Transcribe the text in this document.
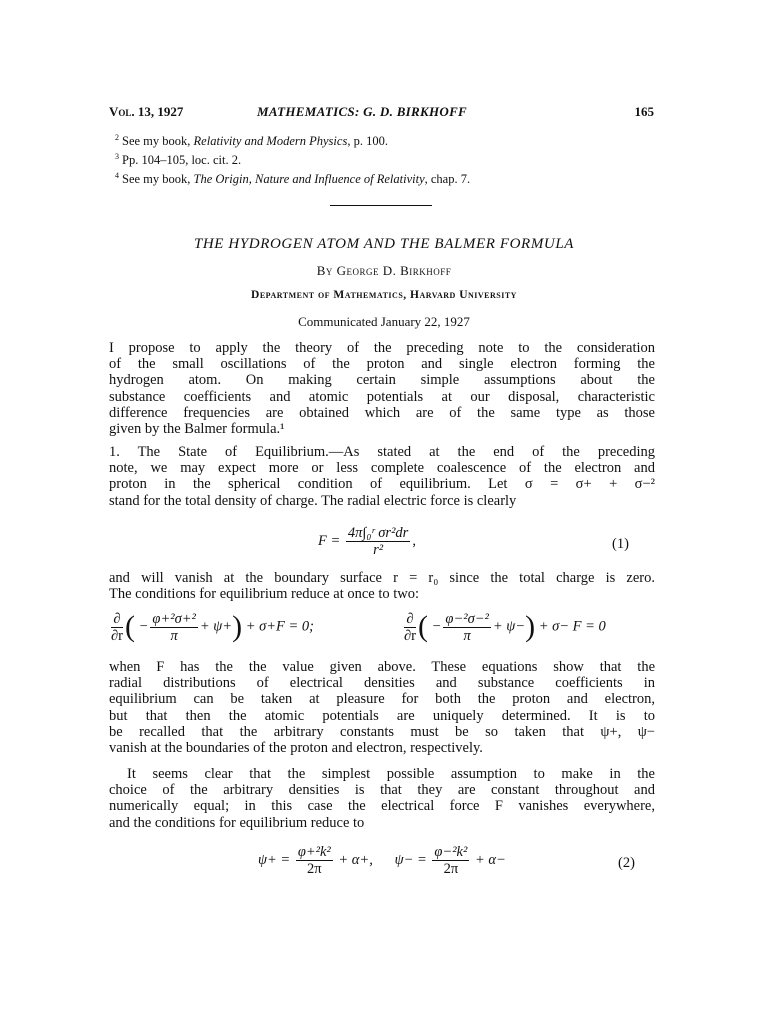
Vol. 13, 1927	MATHEMATICS: G. D. BIRKHOFF	165
$^2$ See my book, Relativity and Modern Physics, p. 100.
$^3$ Pp. 104–105, loc. cit. 2.
$^4$ See my book, The Origin, Nature and Influence of Relativity, chap. 7.
THE HYDROGEN ATOM AND THE BALMER FORMULA
By George D. Birkhoff
Department of Mathematics, Harvard University
Communicated January 22, 1927
I propose to apply the theory of the preceding note to the consideration
of the small oscillations of the proton and single electron forming the
hydrogen atom. On making certain simple assumptions about the
substance coefficients and atomic potentials at our disposal, characteristic
difference frequencies are obtained which are of the same type as those
given by the Balmer formula.¹
1. The State of Equilibrium.—As stated at the end of the preceding
note, we may expect more or less complete coalescence of the electron and
proton in the spherical condition of equilibrium. Let σ = σ+ + σ−²
stand for the total density of charge. The radial electric force is clearly
$F = \frac{\text{4π∫₀ʳ σr²dr}}{\text{r²}}$ ,	(1)
and will vanish at the boundary surface r = r₀ since the total charge is zero.
The conditions for equilibrium reduce at once to two:
$\frac{\partial}{\partial r}$ ( − $\frac{\text{φ+²σ+²}}{\pi} + \psi+) + \sigma+F = 0$;	$\frac{\partial}{\partial r}$ ( − $\frac{\text{φ−²σ−²}}{\pi} + \psi-) + \sigma- F = 0$
when F has the the value given above. These equations show that the
radial distributions of electrical densities and substance coefficients in
equilibrium can be taken at pleasure for both the proton and electron,
but that then the atomic potentials are uniquely determined. It is to
be recalled that the arbitrary constants must be so taken that ψ+, ψ−
vanish at the boundaries of the proton and electron, respectively.
It seems clear that the simplest possible assumption to make in the
choice of the arbitrary densities is that they are constant throughout and
numerically equal; in this case the electrical force F vanishes everywhere,
and the conditions for equilibrium reduce to
$\psi+ = \frac{\text{φ+²k²}}{2\pi} + \alpha+$, $\psi- = \frac{\text{φ−²k²}}{2\pi} + \alpha-$	(2)
